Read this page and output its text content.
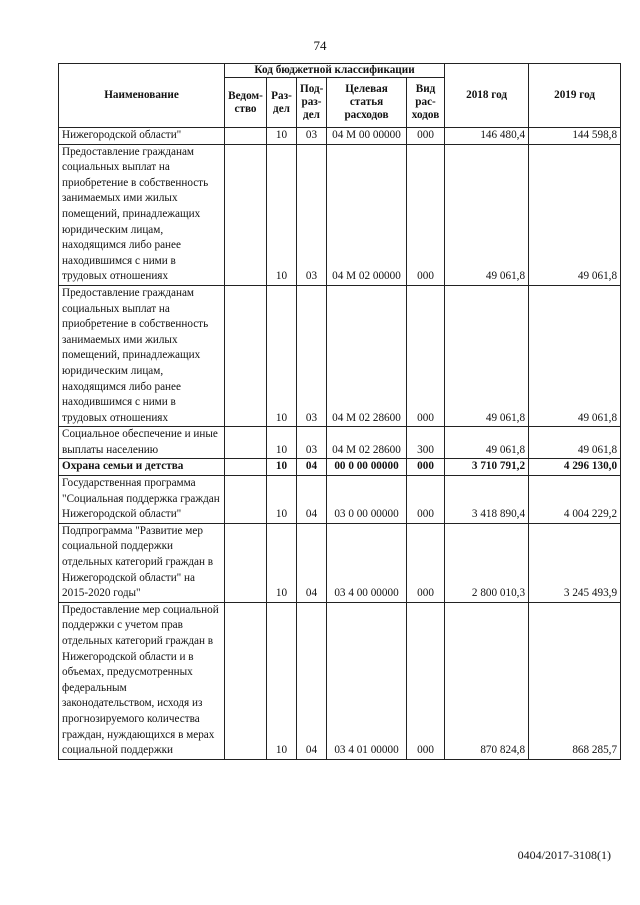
74
Наименование	Код бюджетной классификации					2018 год	2019 год
	Ведом-ство	Раз-дел	Под-раз-дел	Целевая статья расходов	Вид рас-ходов		
Нижегородской области"		10	03	04 М 00 00000	000	146 480,4	144 598,8
Предоставление гражданам социальных выплат на приобретение в собственность занимаемых ими жилых помещений, принадлежащих юридическим лицам, находящимся либо ранее находившимся с ними в трудовых отношениях		10	03	04 М 02 00000	000	49 061,8	49 061,8
Предоставление гражданам социальных выплат на приобретение в собственность занимаемых ими жилых помещений, принадлежащих юридическим лицам, находящимся либо ранее находившимся с ними в трудовых отношениях		10	03	04 М 02 28600	000	49 061,8	49 061,8
Социальное обеспечение и иные выплаты населению		10	03	04 М 02 28600	300	49 061,8	49 061,8
Охрана семьи и детства		10	04	00 0 00 00000	000	3 710 791,2	4 296 130,0
Государственная программа "Социальная поддержка граждан Нижегородской области"		10	04	03 0 00 00000	000	3 418 890,4	4 004 229,2
Подпрограмма "Развитие мер социальной поддержки отдельных категорий граждан в Нижегородской области" на 2015-2020 годы"		10	04	03 4 00 00000	000	2 800 010,3	3 245 493,9
Предоставление мер социальной поддержки с учетом прав отдельных категорий граждан в Нижегородской области и в объемах, предусмотренных федеральным законодательством, исходя из прогнозируемого количества граждан, нуждающихся в мерах социальной поддержки		10	04	03 4 01 00000	000	870 824,8	868 285,7
0404/2017-3108(1)
